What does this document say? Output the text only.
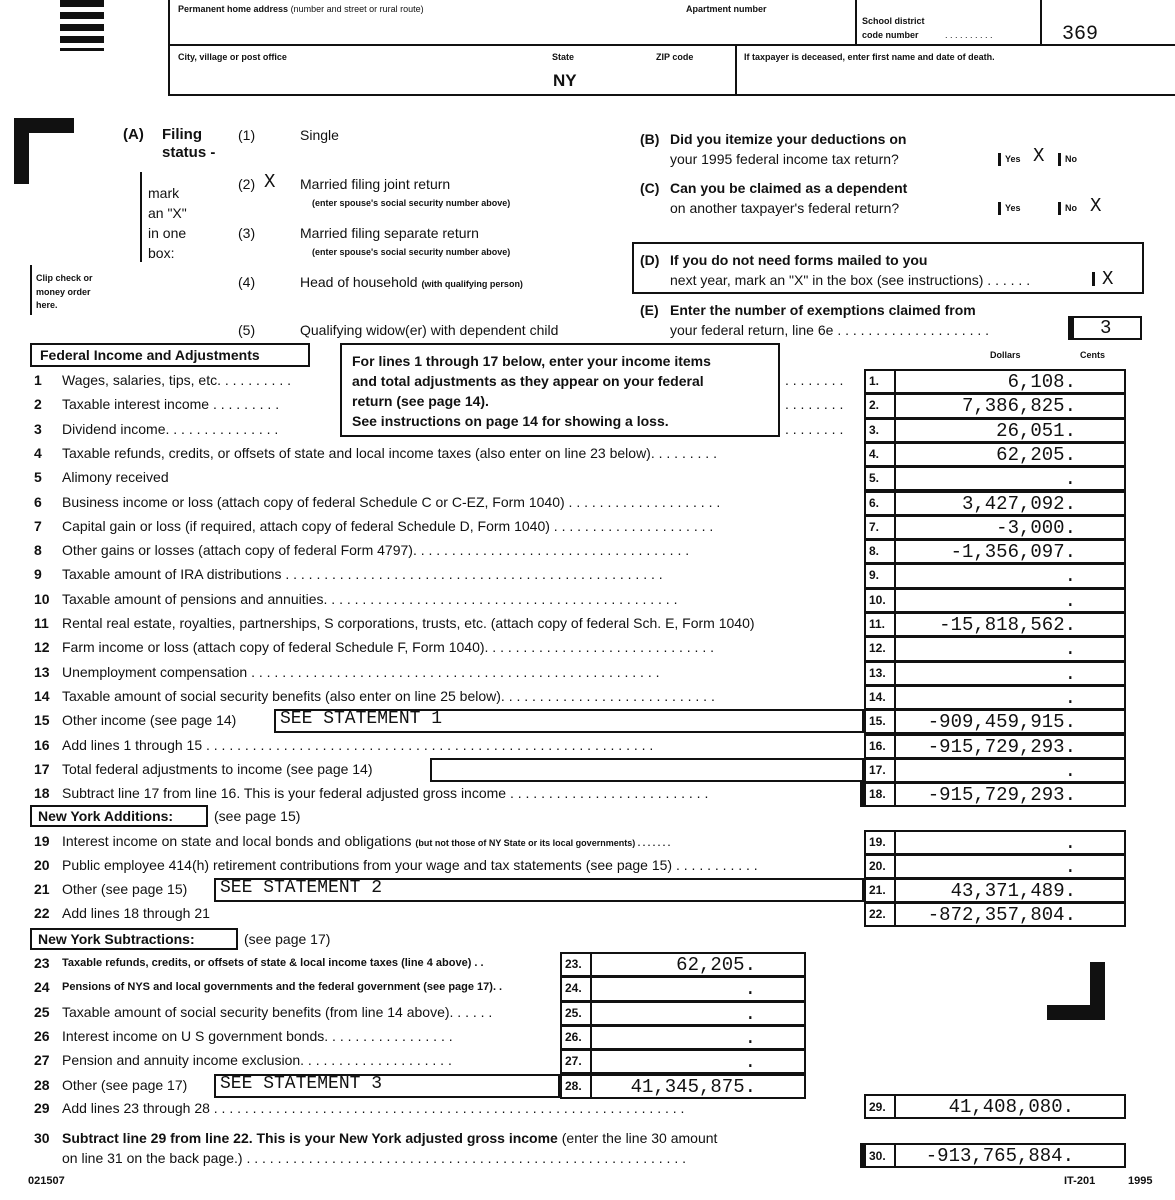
Permanent home address (number and street or rural route)	Apartment number
School district
code number	. . . . . . . . . .	369
City, village or post office	State
NY
ZIP code	If taxpayer is deceased, enter first name and date of death.
(A) Filing
status -
mark
an "X"
in one
box:
(1)	Single
(2) X Married filing joint return
(enter spouse's social security number above)
(3)	Married filing separate return
(enter spouse's social security number above)
(4)	Head of household (with qualifying person)
(5)	Qualifying widow(er) with dependent child
Clip check or
money order
here.
(B) Did you itemize your deductions on
your 1995 federal income tax return?	Yes X	No
(C) Can you be claimed as a dependent
on another taxpayer's federal return?	Yes	No X
(D) If you do not need forms mailed to you
next year, mark an "X" in the box (see instructions) . . . . . .	X
(E) Enter the number of exemptions claimed from
your federal return, line 6e . . . . . . . . . . . . . . . . . . . .	3
Federal Income and Adjustments	For lines 1 through 17 below, enter your income items
and total adjustments as they appear on your federal
return (see page 14).
See instructions on page 14 for showing a loss.
Dollars	Cents
1 Wages, salaries, tips, etc. . . . . . . . . .	. . . . . . . . 1.	6,108.
2 Taxable interest income . . . . . . . . .	. . . . . . . . 2.	7,386,825.
3 Dividend income. . . . . . . . . . . . . . .	. . . . . . . . 3.	26,051.
4 Taxable refunds, credits, or offsets of state and local income taxes (also enter on line 23 below). . . . . . . . .	4.	62,205.
5 Alimony received	5.	.
6 Business income or loss (attach copy of federal Schedule C or C-EZ, Form 1040) . . . . . . . . . . . . . . . . . . . .	6.	3,427,092.
7 Capital gain or loss (if required, attach copy of federal Schedule D, Form 1040) . . . . . . . . . . . . . . . . . . . . .	7.	-3,000.
8 Other gains or losses (attach copy of federal Form 4797). . . . . . . . . . . . . . . . . . . . . . . . . . . . . . . . . . . .	8.	-1,356,097.
9 Taxable amount of IRA distributions . . . . . . . . . . . . . . . . . . . . . . . . . . . . . . . . . . . . . . . . . . . . . . . . .	9.	.
10 Taxable amount of pensions and annuities. . . . . . . . . . . . . . . . . . . . . . . . . . . . . . . . . . . . . . . . . . . . . .	10.	.
11 Rental real estate, royalties, partnerships, S corporations, trusts, etc. (attach copy of federal Sch. E, Form 1040)	11.	-15,818,562.
12 Farm income or loss (attach copy of federal Schedule F, Form 1040). . . . . . . . . . . . . . . . . . . . . . . . . . . . . .	12.	.
13 Unemployment compensation . . . . . . . . . . . . . . . . . . . . . . . . . . . . . . . . . . . . . . . . . . . . . . . . . . . . .	13.	.
14 Taxable amount of social security benefits (also enter on line 25 below). . . . . . . . . . . . . . . . . . . . . . . . . . . .	14.	.
15 Other income (see page 14)	SEE STATEMENT 1	15.	-909,459,915.
16 Add lines 1 through 15 . . . . . . . . . . . . . . . . . . . . . . . . . . . . . . . . . . . . . . . . . . . . . . . . . . . . . . . . . .	16.	-915,729,293.
17 Total federal adjustments to income (see page 14)	17.	.
18 Subtract line 17 from line 16. This is your federal adjusted gross income . . . . . . . . . . . . . . . . . . . . . . . . . .	18.	-915,729,293.
New York Additions:	(see page 15)
19 Interest income on state and local bonds and obligations (but not those of NY State or its local governments) . . . . . . .	19.	.
20 Public employee 414(h) retirement contributions from your wage and tax statements (see page 15) . . . . . . . . . . .	20.	.
21 Other (see page 15)	SEE STATEMENT 2	21.	43,371,489.
22 Add lines 18 through 21	22.	-872,357,804.
New York Subtractions:	(see page 17)
23 Taxable refunds, credits, or offsets of state & local income taxes (line 4 above) . .	23.	62,205.
24 Pensions of NYS and local governments and the federal government (see page 17). .	24.	.
25 Taxable amount of social security benefits (from line 14 above). . . . . .	25.	.
26 Interest income on U S government bonds. . . . . . . . . . . . . . . . .	26.	.
27 Pension and annuity income exclusion. . . . . . . . . . . . . . . . . . . .	27.	.
28 Other (see page 17)	SEE STATEMENT 3	28.	41,345,875.
29 Add lines 23 through 28 . . . . . . . . . . . . . . . . . . . . . . . . . . . . . . . . . . . . . . . . . . . . . . . . . . . . . . . . . . . . .	29.	41,408,080.
30 Subtract line 29 from line 22. This is your New York adjusted gross income (enter the line 30 amount
on line 31 on the back page.) . . . . . . . . . . . . . . . . . . . . . . . . . . . . . . . . . . . . . . . . . . . . . . . . . . . . . . . . .	30.	-913,765,884.
021507	IT-201	1995
